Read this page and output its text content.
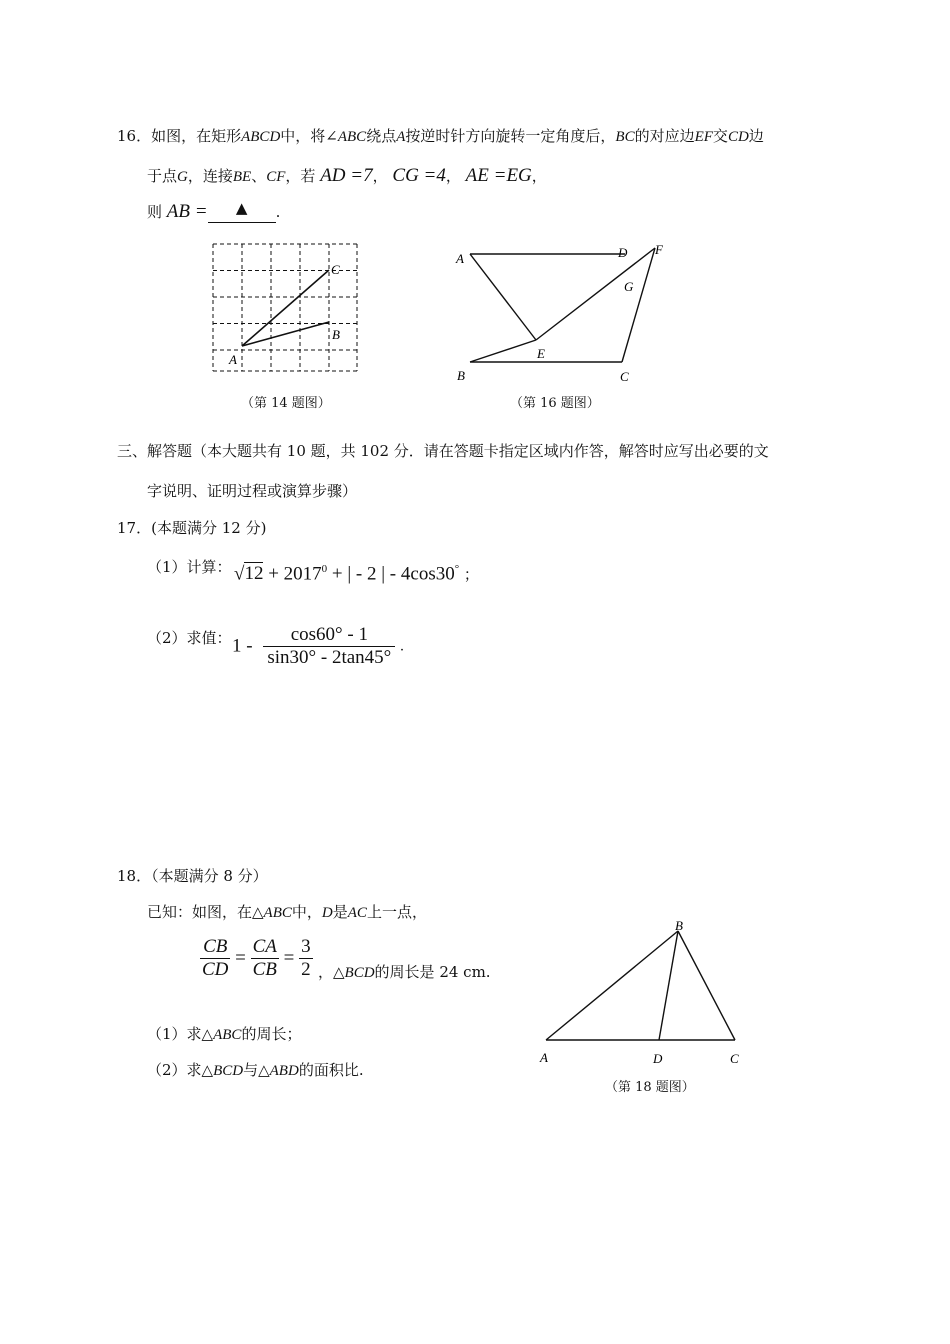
16．如图，在矩形ABCD中，将∠ABC绕点A按逆时针方向旋转一定角度后，BC的对应边EF交CD边
于点G，连接BE、CF，若 AD =7， CG =4， AE =EG，
则 AB = ▲ .
A
B
C
（第 14 题图）
A	D F
G
E
B	C
（第 16 题图）
三、解答题（本大题共有 10 题，共 102 分．请在答题卡指定区域内作答，解答时应写出必要的文
字说明、证明过程或演算步骤）
17．(本题满分 12 分)
（1）计算： $√12 + 2017^0$ + | - 2 | - 4cos30° ；
（2）求值： $1 - \frac{\cos 60^\circ - 1}{\sin 30^\circ - 2\tan 45^\circ}$ .
18．（本题满分 8 分）
已知：如图，在△ABC中，D是AC上一点，
$\frac{CB}{CD} = \frac{CA}{CB} = \frac{3}{2}$ ，△BCD的周长是 24 cm.
（1）求△ABC的周长；
（2）求△BCD与△ABD的面积比.
B
A	D	C
（第 18 题图）
